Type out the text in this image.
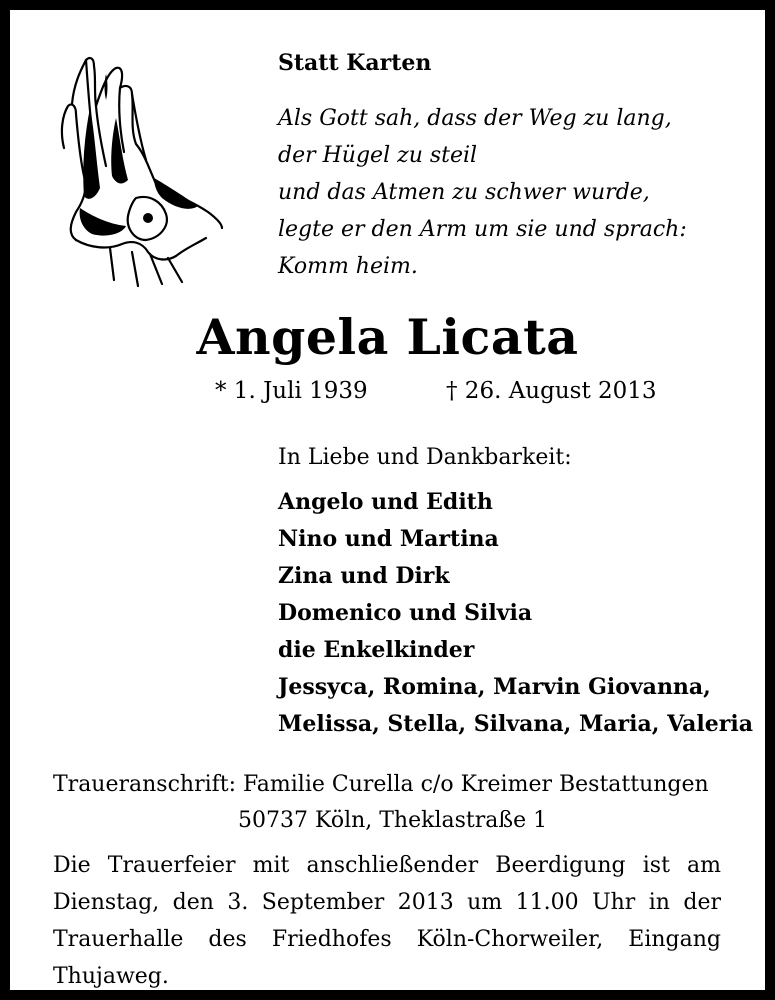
Statt Karten
Als Gott sah, dass der Weg zu lang,
der Hügel zu steil
und das Atmen zu schwer wurde,
legte er den Arm um sie und sprach:
Komm heim.
Angela Licata
* 1. Juli 1939	† 26. August 2013
In Liebe und Dankbarkeit:
Angelo und Edith
Nino und Martina
Zina und Dirk
Domenico und Silvia
die Enkelkinder
Jessyca, Romina, Marvin Giovanna,
Melissa, Stella, Silvana, Maria, Valeria
Traueranschrift: Familie Curella c/o Kreimer Bestattungen
50737 Köln, Theklastraße 1
Die Trauerfeier mit anschließender Beerdigung ist am Dienstag, den 3. September 2013 um 11.00 Uhr in der Trauerhalle des Friedhofes Köln-Chorweiler, Eingang Thujaweg.
